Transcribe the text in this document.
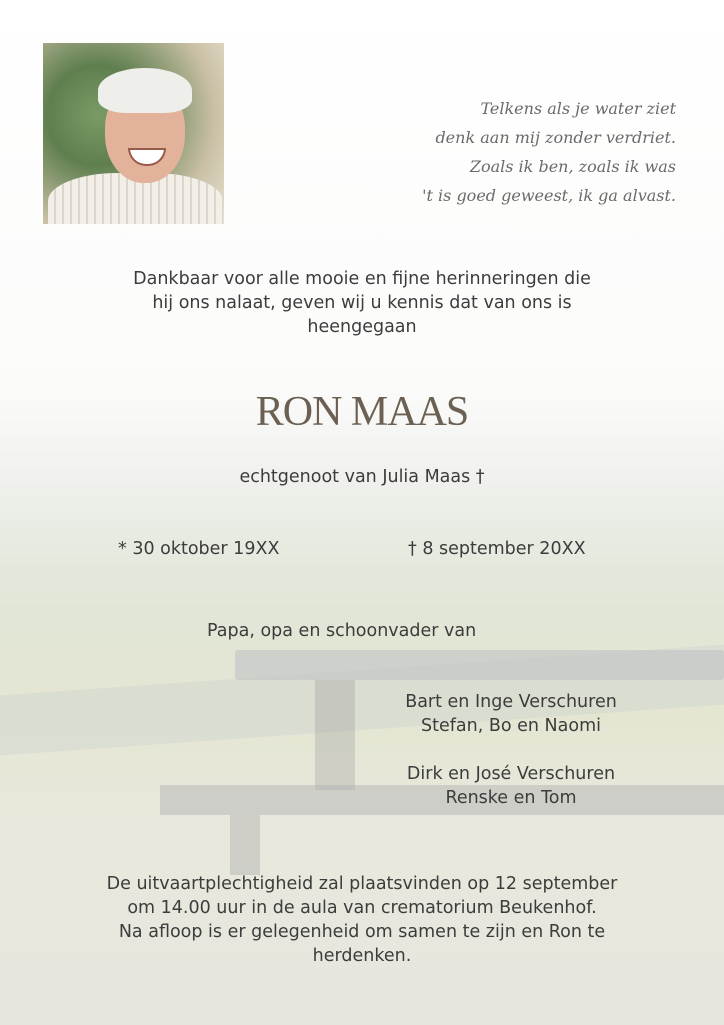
Telkens als je water ziet
denk aan mij zonder verdriet.
Zoals ik ben, zoals ik was
't is goed geweest, ik ga alvast.
Dankbaar voor alle mooie en fijne herinneringen die
hij ons nalaat, geven wij u kennis dat van ons is
heengegaan
RON MAAS
echtgenoot van Julia Maas †
* 30 oktober 19XX	† 8 september 20XX
Papa, opa en schoonvader van
Bart en Inge Verschuren
Stefan, Bo en Naomi
Dirk en José Verschuren
Renske en Tom
De uitvaartplechtigheid zal plaatsvinden op 12 september
om 14.00 uur in de aula van crematorium Beukenhof.
Na afloop is er gelegenheid om samen te zijn en Ron te
herdenken.
